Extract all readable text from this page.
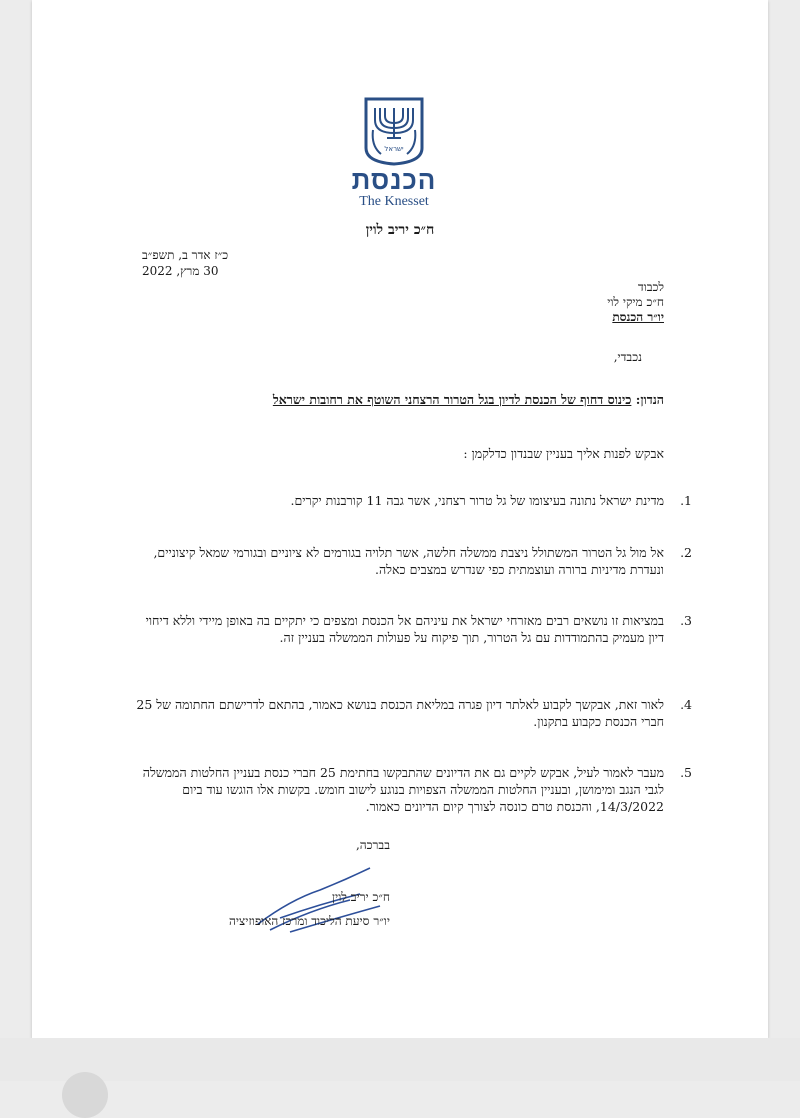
ישראל
הכנסת
The Knesset
ח״כ יריב לוין
כ״ז אדר ב, תשפ״ב
30 מרץ, 2022
לכבוד
ח״כ מיקי לוי
יו״ר הכנסת
נכבדי,
הנדון: כינוס דחוף של הכנסת לדיון בגל הטרור הרצחני השוטף את רחובות ישראל
אבקש לפנות אליך בעניין שבנדון כדלקמן :
1.
מדינת ישראל נתונה בעיצומו של גל טרור רצחני, אשר גבה 11 קורבנות יקרים.
2.
אל מול גל הטרור המשתולל ניצבת ממשלה חלשה, אשר תלויה בגורמים לא ציוניים ובגורמי שמאל קיצוניים, ונעדרת מדיניות ברורה ועוצמתית כפי שנדרש במצבים כאלה.
3.
במציאות זו נושאים רבים מאזרחי ישראל את עיניהם אל הכנסת ומצפים כי יתקיים בה באופן מיידי וללא דיחוי דיון מעמיק בהתמודדות עם גל הטרור, תוך פיקוח על פעולות הממשלה בעניין זה.
4.
לאור זאת, אבקשך לקבוע לאלתר דיון פגרה במליאת הכנסת בנושא כאמור, בהתאם לדרישתם החתומה של 25 חברי הכנסת כקבוע בתקנון.
5.
מעבר לאמור לעיל, אבקש לקיים גם את הדיונים שהתבקשו בחתימת 25 חברי כנסת בעניין החלטות הממשלה לגבי הנגב ומימושן, ובעניין החלטות הממשלה הצפויות בנוגע לישוב חומש. בקשות אלו הוגשו עוד ביום 14/3/2022, והכנסת טרם כונסה לצורך קיום הדיונים כאמור.
בברכה,
ח״כ יריב לוין
יו״ר סיעת הליכוד ומרכז האופוזיציה
